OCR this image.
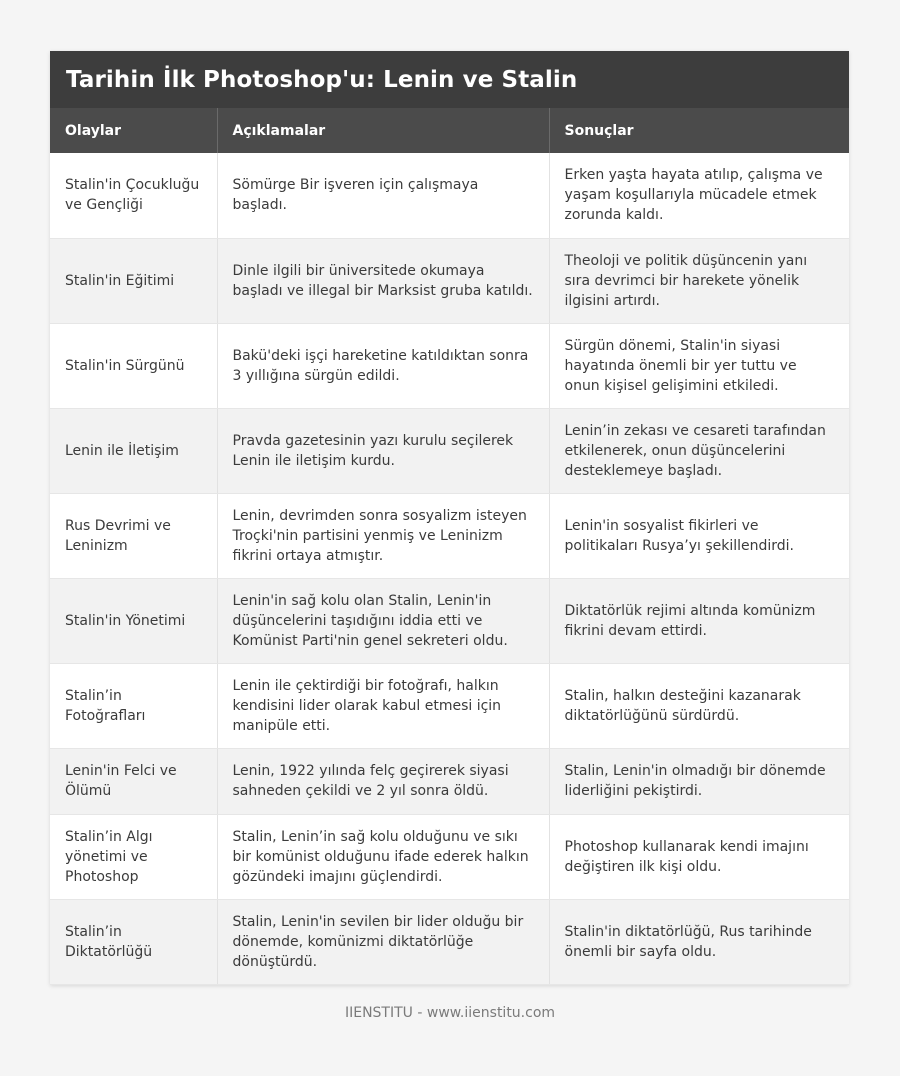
Tarihin İlk Photoshop'u: Lenin ve Stalin
Olaylar	Açıklamalar	Sonuçlar
Stalin'in Çocukluğu ve Gençliği	Sömürge Bir işveren için çalışmaya başladı.	Erken yaşta hayata atılıp, çalışma ve yaşam koşullarıyla mücadele etmek zorunda kaldı.
Stalin'in Eğitimi	Dinle ilgili bir üniversitede okumaya başladı ve illegal bir Marksist gruba katıldı.	Theoloji ve politik düşüncenin yanı sıra devrimci bir harekete yönelik ilgisini artırdı.
Stalin'in Sürgünü	Bakü'deki işçi hareketine katıldıktan sonra 3 yıllığına sürgün edildi.	Sürgün dönemi, Stalin'in siyasi hayatında önemli bir yer tuttu ve onun kişisel gelişimini etkiledi.
Lenin ile İletişim	Pravda gazetesinin yazı kurulu seçilerek Lenin ile iletişim kurdu.	Lenin’in zekası ve cesareti tarafından etkilenerek, onun düşüncelerini desteklemeye başladı.
Rus Devrimi ve Leninizm	Lenin, devrimden sonra sosyalizm isteyen Troçki'nin partisini yenmiş ve Leninizm fikrini ortaya atmıştır.	Lenin'in sosyalist fikirleri ve politikaları Rusya’yı şekillendirdi.
Stalin'in Yönetimi	Lenin'in sağ kolu olan Stalin, Lenin'in düşüncelerini taşıdığını iddia etti ve Komünist Parti'nin genel sekreteri oldu.	Diktatörlük rejimi altında komünizm fikrini devam ettirdi.
Stalin’in Fotoğrafları	Lenin ile çektirdiği bir fotoğrafı, halkın kendisini lider olarak kabul etmesi için manipüle etti.	Stalin, halkın desteğini kazanarak diktatörlüğünü sürdürdü.
Lenin'in Felci ve Ölümü	Lenin, 1922 yılında felç geçirerek siyasi sahneden çekildi ve 2 yıl sonra öldü.	Stalin, Lenin'in olmadığı bir dönemde liderliğini pekiştirdi.
Stalin’in Algı yönetimi ve Photoshop	Stalin, Lenin’in sağ kolu olduğunu ve sıkı bir komünist olduğunu ifade ederek halkın gözündeki imajını güçlendirdi.	Photoshop kullanarak kendi imajını değiştiren ilk kişi oldu.
Stalin’in Diktatörlüğü	Stalin, Lenin'in sevilen bir lider olduğu bir dönemde, komünizmi diktatörlüğe dönüştürdü.	Stalin'in diktatörlüğü, Rus tarihinde önemli bir sayfa oldu.
IIENSTITU - www.iienstitu.com
